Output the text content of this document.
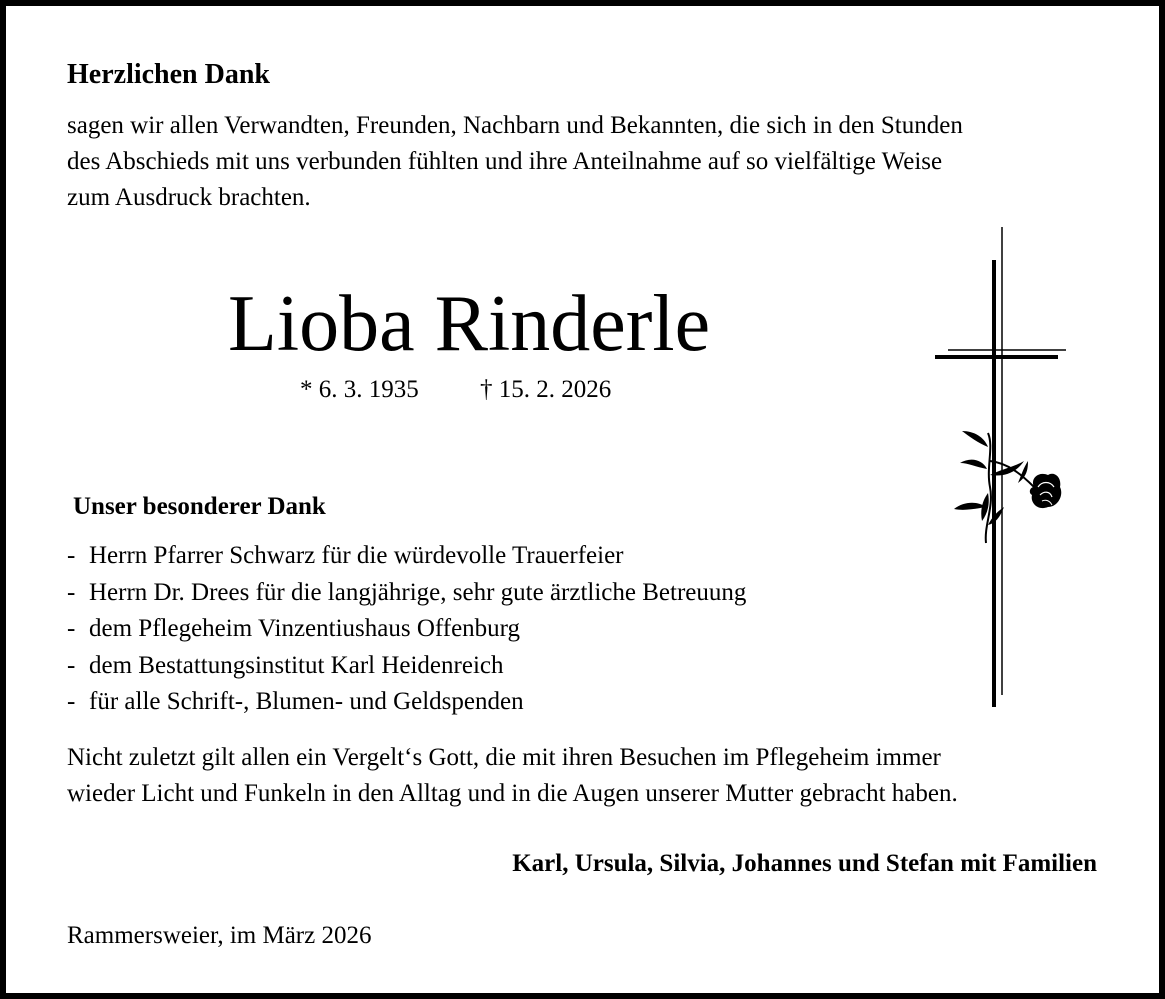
Herzlichen Dank
sagen wir allen Verwandten, Freunden, Nachbarn und Bekannten, die sich in den Stunden
des Abschieds mit uns verbunden fühlten und ihre Anteilnahme auf so vielfältige Weise
zum Ausdruck brachten.
Lioba Rinderle
* 6. 3. 1935 † 15. 2. 2026
Unser besonderer Dank
- Herrn Pfarrer Schwarz für die würdevolle Trauerfeier
- Herrn Dr. Drees für die langjährige, sehr gute ärztliche Betreuung
- dem Pflegeheim Vinzentiushaus Offenburg
- dem Bestattungsinstitut Karl Heidenreich
- für alle Schrift-, Blumen- und Geldspenden
Nicht zuletzt gilt allen ein Vergelt‘s Gott, die mit ihren Besuchen im Pflegeheim immer
wieder Licht und Funkeln in den Alltag und in die Augen unserer Mutter gebracht haben.
Karl, Ursula, Silvia, Johannes und Stefan mit Familien
Rammersweier, im März 2026
